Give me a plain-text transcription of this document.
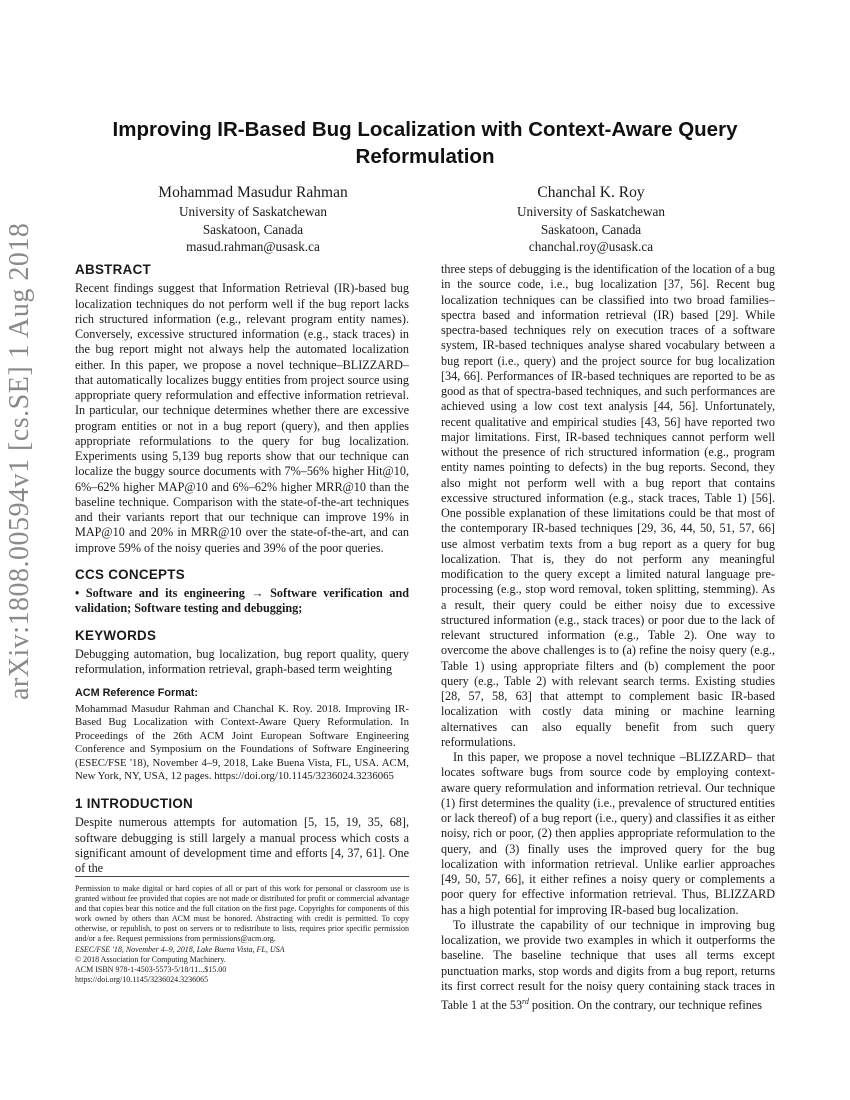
arXiv:1808.00594v1 [cs.SE] 1 Aug 2018
Improving IR-Based Bug Localization with Context-Aware Query Reformulation
Mohammad Masudur Rahman
University of Saskatchewan
Saskatoon, Canada
masud.rahman@usask.ca
Chanchal K. Roy
University of Saskatchewan
Saskatoon, Canada
chanchal.roy@usask.ca
ABSTRACT

Recent findings suggest that Information Retrieval (IR)-based bug localization techniques do not perform well if the bug report lacks rich structured information (e.g., relevant program entity names). Conversely, excessive structured information (e.g., stack traces) in the bug report might not always help the automated localization either. In this paper, we propose a novel technique–BLIZZARD– that automatically localizes buggy entities from project source using appropriate query reformulation and effective information retrieval. In particular, our technique determines whether there are excessive program entities or not in a bug report (query), and then applies appropriate reformulations to the query for bug localization. Experiments using 5,139 bug reports show that our technique can localize the buggy source documents with 7%–56% higher Hit@10, 6%–62% higher MAP@10 and 6%–62% higher MRR@10 than the baseline technique. Comparison with the state-of-the-art techniques and their variants report that our technique can improve 19% in MAP@10 and 20% in MRR@10 over the state-of-the-art, and can improve 59% of the noisy queries and 39% of the poor queries.

CCS CONCEPTS

• Software and its engineering → Software verification and validation; Software testing and debugging;

KEYWORDS

Debugging automation, bug localization, bug report quality, query reformulation, information retrieval, graph-based term weighting

ACM Reference Format:

Mohammad Masudur Rahman and Chanchal K. Roy. 2018. Improving IR-Based Bug Localization with Context-Aware Query Reformulation. In Proceedings of the 26th ACM Joint European Software Engineering Conference and Symposium on the Foundations of Software Engineering (ESEC/FSE '18), November 4–9, 2018, Lake Buena Vista, FL, USA. ACM, New York, NY, USA, 12 pages. https://doi.org/10.1145/3236024.3236065

1 INTRODUCTION

Despite numerous attempts for automation [5, 15, 19, 35, 68], software debugging is still largely a manual process which costs a significant amount of development time and efforts [4, 37, 61]. One of the

Permission to make digital or hard copies of all or part of this work for personal or classroom use is granted without fee provided that copies are not made or distributed for profit or commercial advantage and that copies bear this notice and the full citation on the first page. Copyrights for components of this work owned by others than ACM must be honored. Abstracting with credit is permitted. To copy otherwise, or republish, to post on servers or to redistribute to lists, requires prior specific permission and/or a fee. Request permissions from permissions@acm.org.

ESEC/FSE '18, November 4–9, 2018, Lake Buena Vista, FL, USA

© 2018 Association for Computing Machinery.

ACM ISBN 978-1-4503-5573-5/18/11...$15.00

https://doi.org/10.1145/3236024.3236065

three steps of debugging is the identification of the location of a bug in the source code, i.e., bug localization [37, 56]. Recent bug localization techniques can be classified into two broad families–spectra based and information retrieval (IR) based [29]. While spectra-based techniques rely on execution traces of a software system, IR-based techniques analyse shared vocabulary between a bug report (i.e., query) and the project source for bug localization [34, 66]. Performances of IR-based techniques are reported to be as good as that of spectra-based techniques, and such performances are achieved using a low cost text analysis [44, 56]. Unfortunately, recent qualitative and empirical studies [43, 56] have reported two major limitations. First, IR-based techniques cannot perform well without the presence of rich structured information (e.g., program entity names pointing to defects) in the bug reports. Second, they also might not perform well with a bug report that contains excessive structured information (e.g., stack traces, Table 1) [56]. One possible explanation of these limitations could be that most of the contemporary IR-based techniques [29, 36, 44, 50, 51, 57, 66] use almost verbatim texts from a bug report as a query for bug localization. That is, they do not perform any meaningful modification to the query except a limited natural language pre-processing (e.g., stop word removal, token splitting, stemming). As a result, their query could be either noisy due to excessive structured information (e.g., stack traces) or poor due to the lack of relevant structured information (e.g., Table 2). One way to overcome the above challenges is to (a) refine the noisy query (e.g., Table 1) using appropriate filters and (b) complement the poor query (e.g., Table 2) with relevant search terms. Existing studies [28, 57, 58, 63] that attempt to complement basic IR-based localization with costly data mining or machine learning alternatives can also equally benefit from such query reformulations.

In this paper, we propose a novel technique –BLIZZARD– that locates software bugs from source code by employing context-aware query reformulation and information retrieval. Our technique (1) first determines the quality (i.e., prevalence of structured entities or lack thereof) of a bug report (i.e., query) and classifies it as either noisy, rich or poor, (2) then applies appropriate reformulation to the query, and (3) finally uses the improved query for the bug localization with information retrieval. Unlike earlier approaches [49, 50, 57, 66], it either refines a noisy query or complements a poor query for effective information retrieval. Thus, BLIZZARD has a high potential for improving IR-based bug localization.

To illustrate the capability of our technique in improving bug localization, we provide two examples in which it outperforms the baseline. The baseline technique that uses all terms except punctuation marks, stop words and digits from a bug report, returns its first correct result for the noisy query containing stack traces in Table 1 at the 53rd position. On the contrary, our technique refines
